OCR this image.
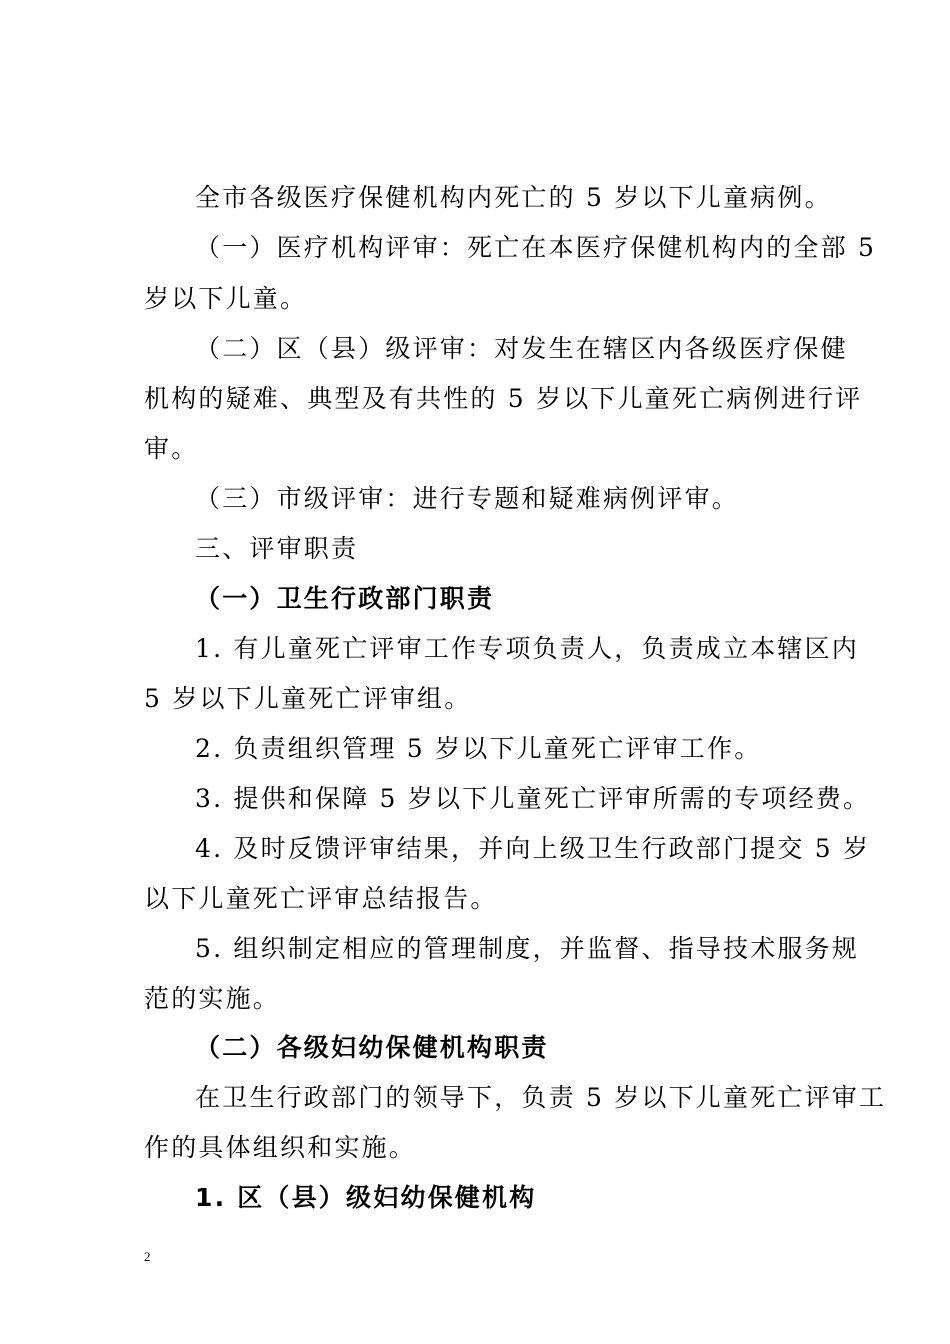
全市各级医疗保健机构内死亡的 5 岁以下儿童病例。
（一）医疗机构评审：死亡在本医疗保健机构内的全部 5
岁以下儿童。
（二）区（县）级评审：对发生在辖区内各级医疗保健
机构的疑难、典型及有共性的 5 岁以下儿童死亡病例进行评
审。
（三）市级评审：进行专题和疑难病例评审。
三、评审职责
（一）卫生行政部门职责
1. 有儿童死亡评审工作专项负责人，负责成立本辖区内
5 岁以下儿童死亡评审组。
2. 负责组织管理 5 岁以下儿童死亡评审工作。
3. 提供和保障 5 岁以下儿童死亡评审所需的专项经费。
4. 及时反馈评审结果，并向上级卫生行政部门提交 5 岁
以下儿童死亡评审总结报告。
5. 组织制定相应的管理制度，并监督、指导技术服务规
范的实施。
（二）各级妇幼保健机构职责
在卫生行政部门的领导下，负责 5 岁以下儿童死亡评审工
作的具体组织和实施。
1. 区（县）级妇幼保健机构
2
